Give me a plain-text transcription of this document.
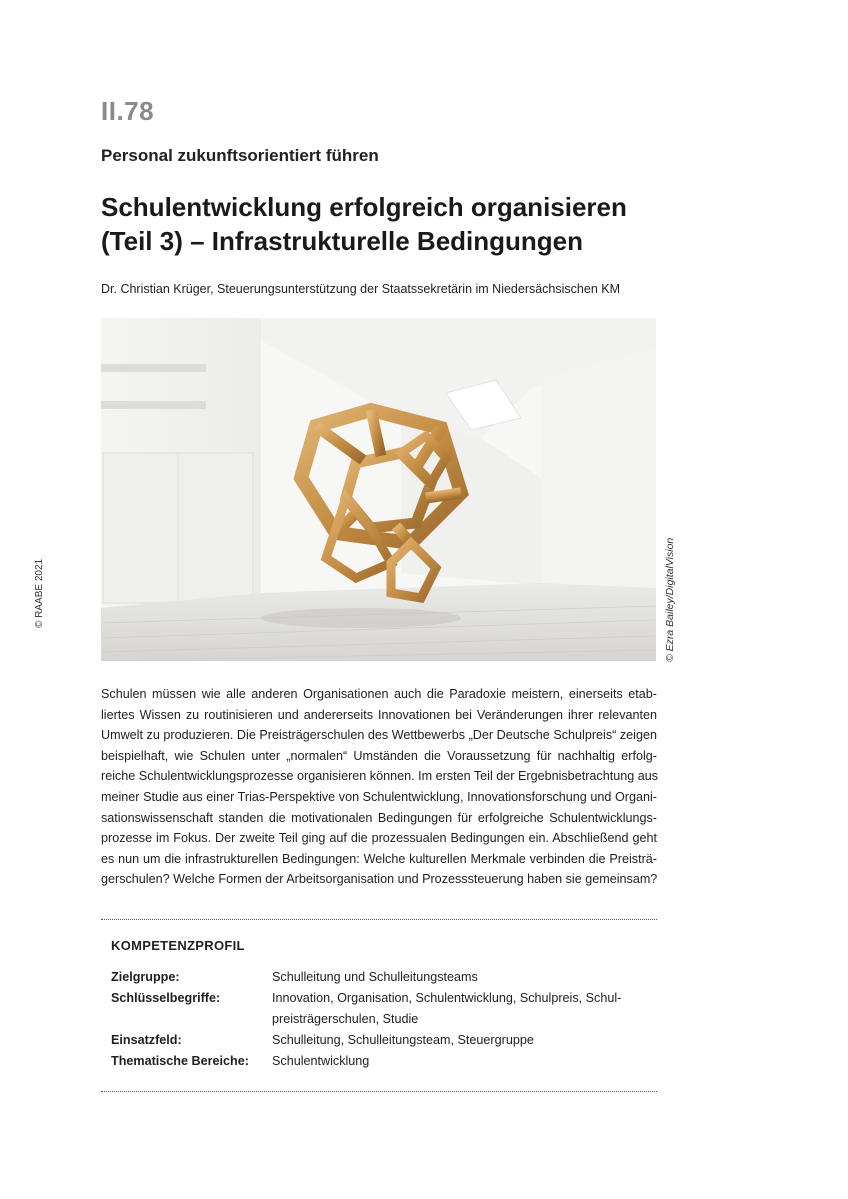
II.78
Personal zukunftsorientiert führen
Schulentwicklung erfolgreich organisieren
(Teil 3) – Infrastrukturelle Bedingungen
Dr. Christian Krüger, Steuerungsunterstützung der Staatssekretärin im Niedersächsischen KM
© Ezra Bailey/DigitalVision
© RAABE 2021
Schulen müssen wie alle anderen Organisationen auch die Paradoxie meistern, einerseits etab-
liertes Wissen zu routinisieren und andererseits Innovationen bei Veränderungen ihrer relevanten
Umwelt zu produzieren. Die Preisträgerschulen des Wettbewerbs „Der Deutsche Schulpreis“ zeigen
beispielhaft, wie Schulen unter „normalen“ Umständen die Voraussetzung für nachhaltig erfolg-
reiche Schulentwicklungsprozesse organisieren können. Im ersten Teil der Ergebnisbetrachtung aus
meiner Studie aus einer Trias-Perspektive von Schulentwicklung, Innovationsforschung und Organi-
sationswissenschaft standen die motivationalen Bedingungen für erfolgreiche Schulentwicklungs-
prozesse im Fokus. Der zweite Teil ging auf die prozessualen Bedingungen ein. Abschließend geht
es nun um die infrastrukturellen Bedingungen: Welche kulturellen Merkmale verbinden die Preisträ-
gerschulen? Welche Formen der Arbeitsorganisation und Prozesssteuerung haben sie gemeinsam?
KOMPETENZPROFIL
Zielgruppe:	Schulleitung und Schulleitungsteams
Schlüsselbegriffe:	Innovation, Organisation, Schulentwicklung, Schulpreis, Schul-
preisträgerschulen, Studie
Einsatzfeld:	Schulleitung, Schulleitungsteam, Steuergruppe
Thematische Bereiche: Schulentwicklung
